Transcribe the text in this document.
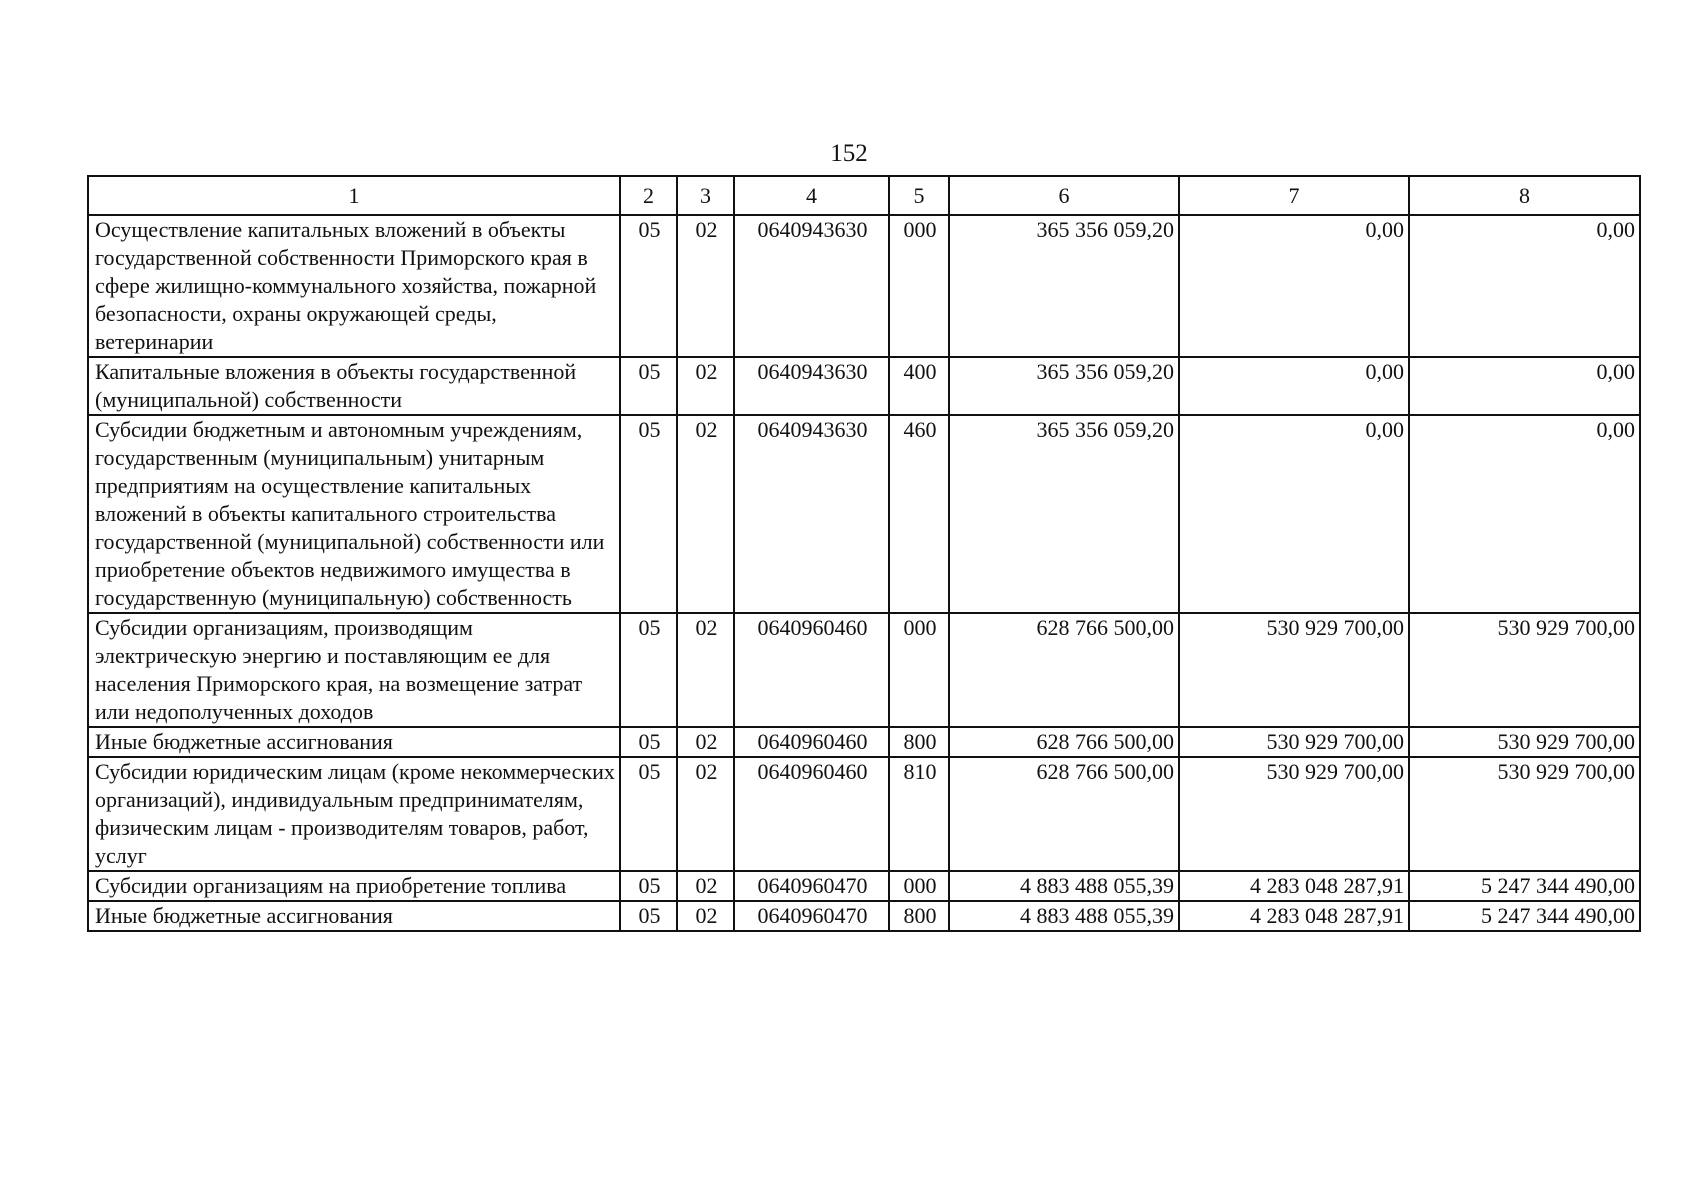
152
1	2	3	4	5	6	7	8
Осуществление капитальных вложений в объекты государственной собственности Приморского края в сфере жилищно-коммунального хозяйства, пожарной безопасности, охраны окружающей среды, ветеринарии	05	02	0640943630	000	365 356 059,20	0,00	0,00
Капитальные вложения в объекты государственной (муниципальной) собственности	05	02	0640943630	400	365 356 059,20	0,00	0,00
Субсидии бюджетным и автономным учреждениям, государственным (муниципальным) унитарным предприятиям на осуществление капитальных вложений в объекты капитального строительства государственной (муниципальной) собственности или приобретение объектов недвижимого имущества в государственную (муниципальную) собственность	05	02	0640943630	460	365 356 059,20	0,00	0,00
Субсидии организациям, производящим электрическую энергию и поставляющим ее для населения Приморского края, на возмещение затрат или недополученных доходов	05	02	0640960460	000	628 766 500,00	530 929 700,00	530 929 700,00
Иные бюджетные ассигнования	05	02	0640960460	800	628 766 500,00	530 929 700,00	530 929 700,00
Субсидии юридическим лицам (кроме некоммерческих организаций), индивидуальным предпринимателям, физическим лицам - производителям товаров, работ, услуг	05	02	0640960460	810	628 766 500,00	530 929 700,00	530 929 700,00
Субсидии организациям на приобретение топлива	05	02	0640960470	000	4 883 488 055,39	4 283 048 287,91	5 247 344 490,00
Иные бюджетные ассигнования	05	02	0640960470	800	4 883 488 055,39	4 283 048 287,91	5 247 344 490,00
